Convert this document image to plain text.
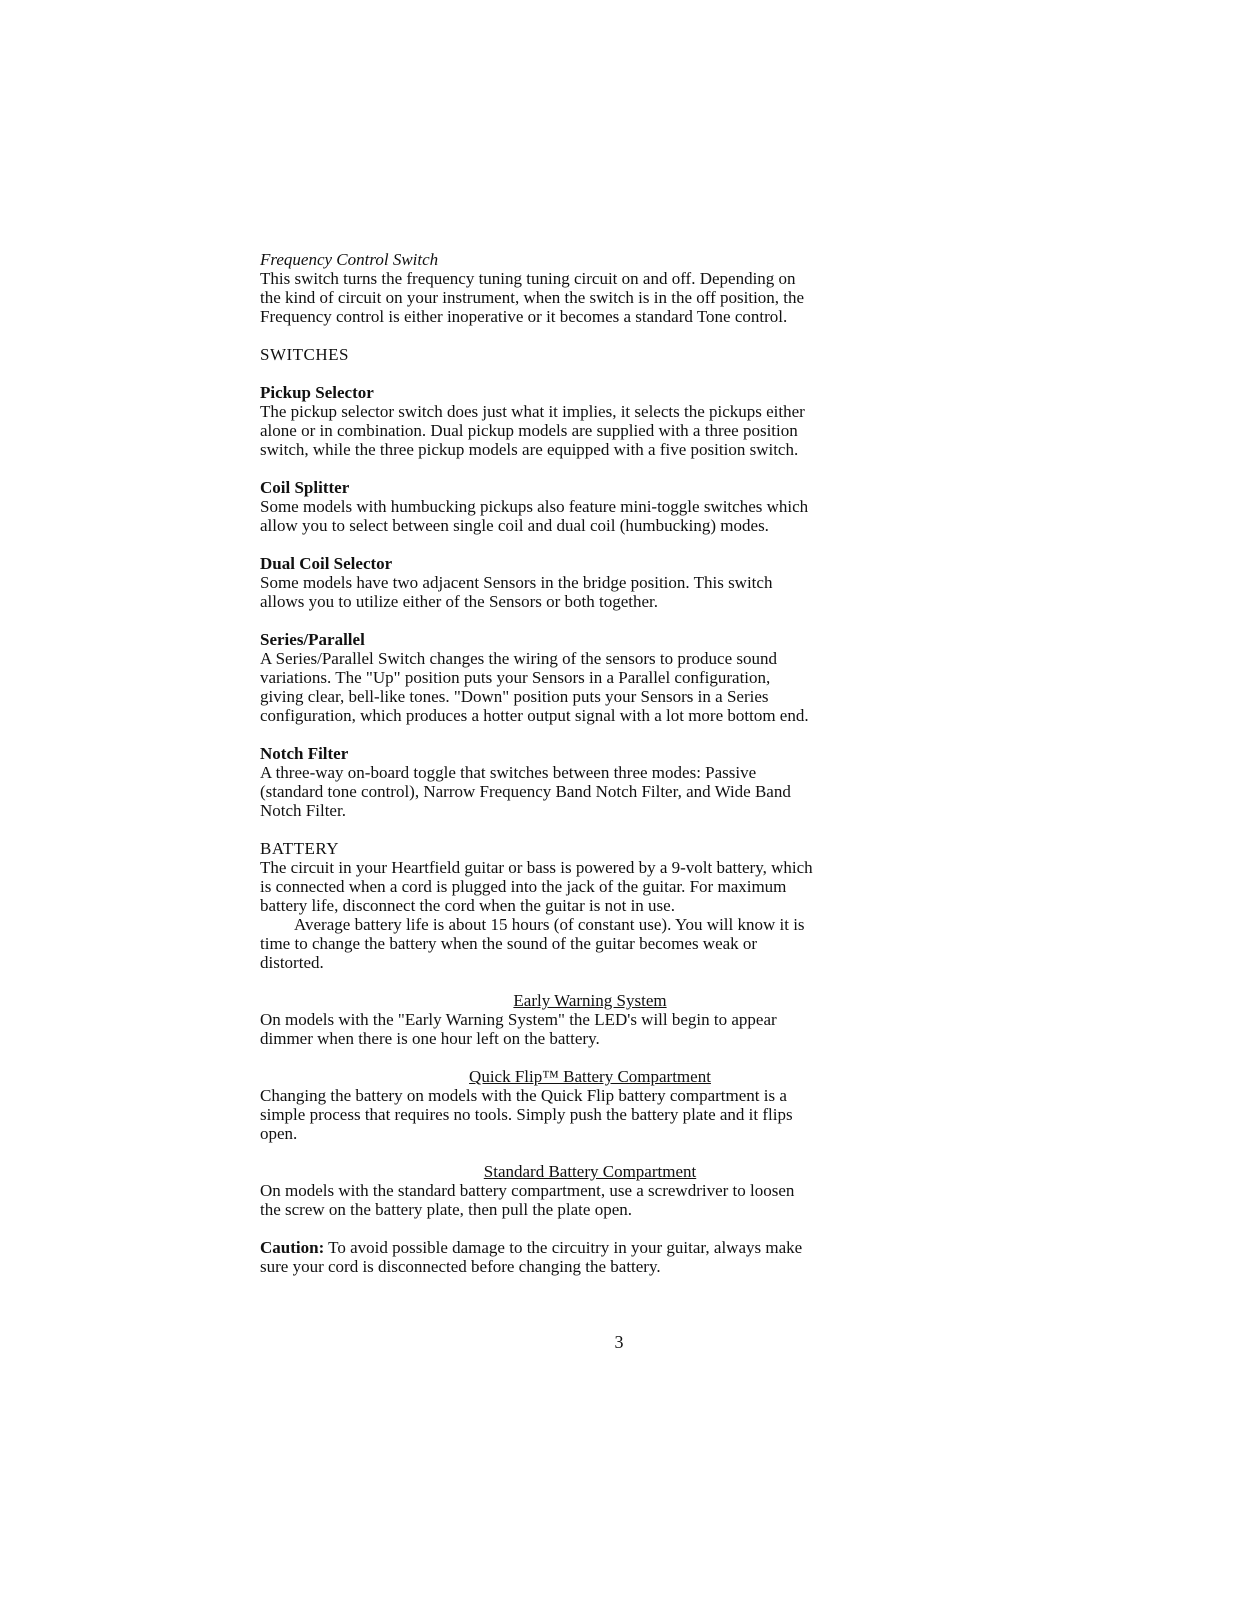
Frequency Control Switch

This switch turns the frequency tuning tuning circuit on and off. Depending on

the kind of circuit on your instrument, when the switch is in the off position, the

Frequency control is either inoperative or it becomes a standard Tone control.

SWITCHES

Pickup Selector

The pickup selector switch does just what it implies, it selects the pickups either

alone or in combination. Dual pickup models are supplied with a three position

switch, while the three pickup models are equipped with a five position switch.

Coil Splitter

Some models with humbucking pickups also feature mini-toggle switches which

allow you to select between single coil and dual coil (humbucking) modes.

Dual Coil Selector

Some models have two adjacent Sensors in the bridge position. This switch

allows you to utilize either of the Sensors or both together.

Series/Parallel

A Series/Parallel Switch changes the wiring of the sensors to produce sound

variations. The "Up" position puts your Sensors in a Parallel configuration,

giving clear, bell-like tones. "Down" position puts your Sensors in a Series

configuration, which produces a hotter output signal with a lot more bottom end.

Notch Filter

A three-way on-board toggle that switches between three modes: Passive

(standard tone control), Narrow Frequency Band Notch Filter, and Wide Band

Notch Filter.

BATTERY

The circuit in your Heartfield guitar or bass is powered by a 9-volt battery, which

is connected when a cord is plugged into the jack of the guitar. For maximum

battery life, disconnect the cord when the guitar is not in use.

Average battery life is about 15 hours (of constant use). You will know it is

time to change the battery when the sound of the guitar becomes weak or

distorted.

Early Warning System

On models with the "Early Warning System" the LED's will begin to appear

dimmer when there is one hour left on the battery.

Quick Flip™ Battery Compartment

Changing the battery on models with the Quick Flip battery compartment is a

simple process that requires no tools. Simply push the battery plate and it flips

open.

Standard Battery Compartment

On models with the standard battery compartment, use a screwdriver to loosen

the screw on the battery plate, then pull the plate open.

Caution: To avoid possible damage to the circuitry in your guitar, always make

sure your cord is disconnected before changing the battery.

3
